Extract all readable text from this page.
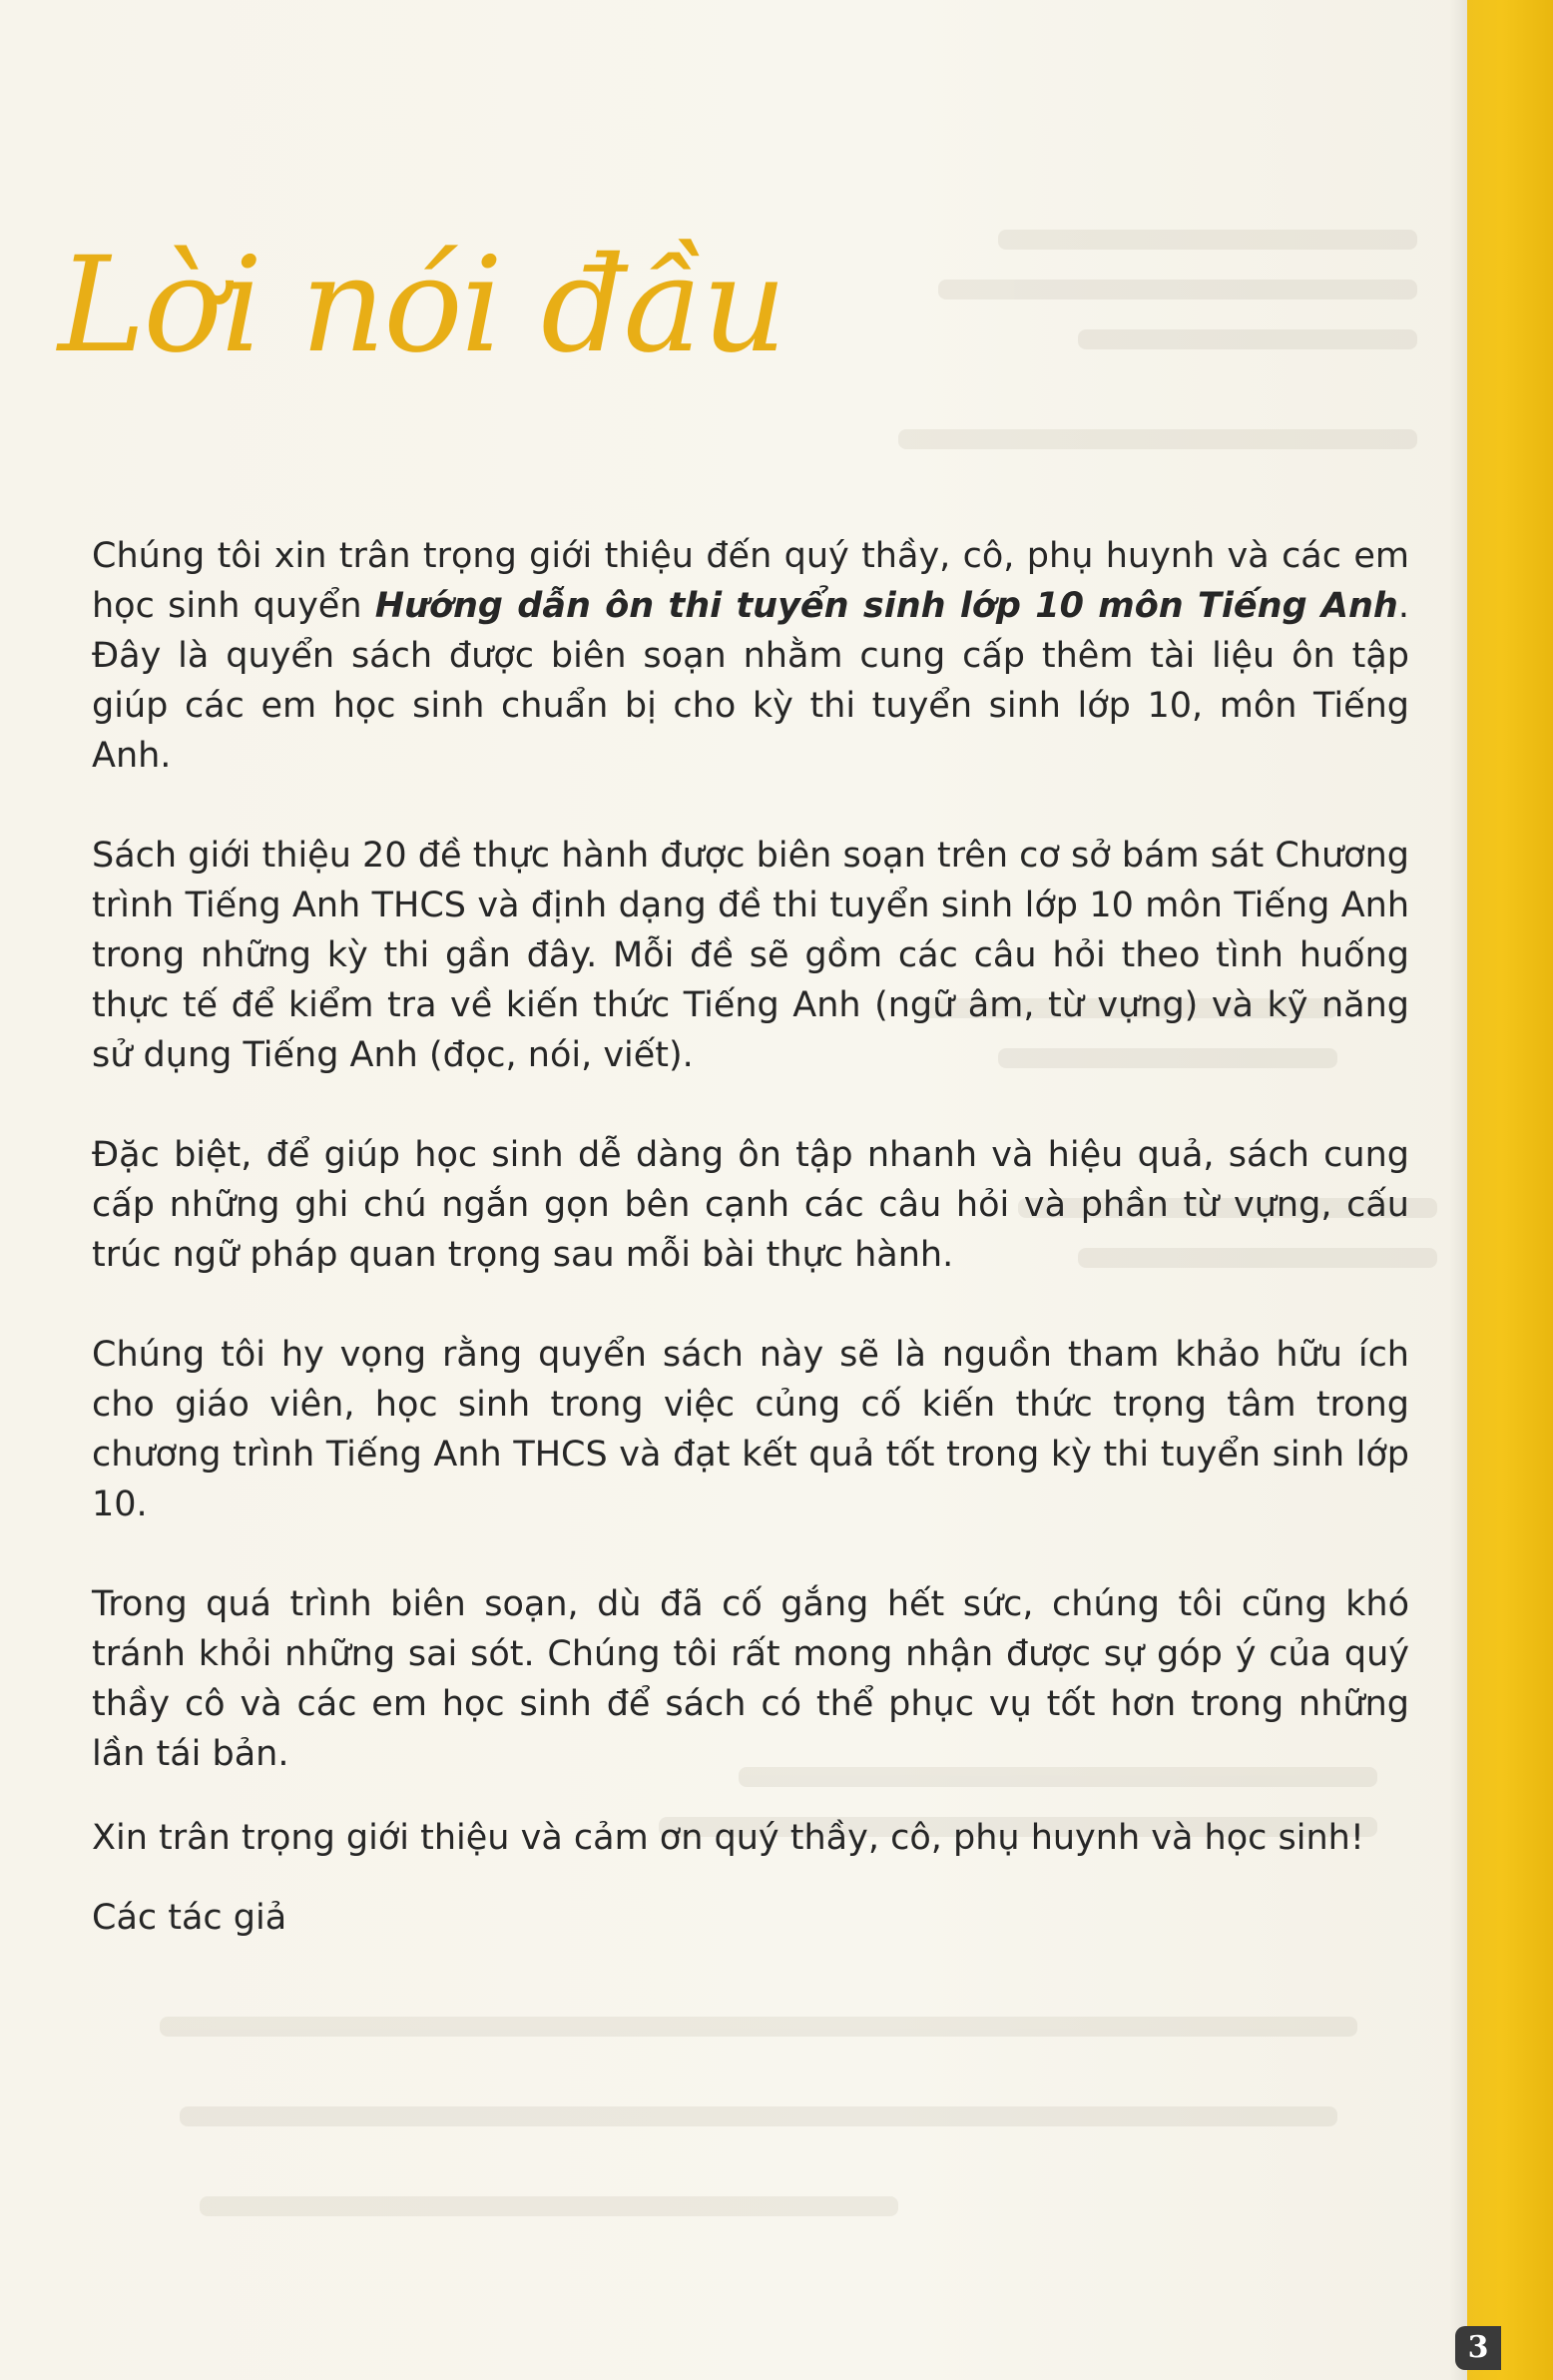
Lời nói đầu

Chúng tôi xin trân trọng giới thiệu đến quý thầy, cô, phụ huynh và các em học sinh quyển Hướng dẫn ôn thi tuyển sinh lớp 10 môn Tiếng Anh. Đây là quyển sách được biên soạn nhằm cung cấp thêm tài liệu ôn tập giúp các em học sinh chuẩn bị cho kỳ thi tuyển sinh lớp 10, môn Tiếng Anh.

Sách giới thiệu 20 đề thực hành được biên soạn trên cơ sở bám sát Chương trình Tiếng Anh THCS và định dạng đề thi tuyển sinh lớp 10 môn Tiếng Anh trong những kỳ thi gần đây. Mỗi đề sẽ gồm các câu hỏi theo tình huống thực tế để kiểm tra về kiến thức Tiếng Anh (ngữ âm, từ vựng) và kỹ năng sử dụng Tiếng Anh (đọc, nói, viết).

Đặc biệt, để giúp học sinh dễ dàng ôn tập nhanh và hiệu quả, sách cung cấp những ghi chú ngắn gọn bên cạnh các câu hỏi và phần từ vựng, cấu trúc ngữ pháp quan trọng sau mỗi bài thực hành.

Chúng tôi hy vọng rằng quyển sách này sẽ là nguồn tham khảo hữu ích cho giáo viên, học sinh trong việc củng cố kiến thức trọng tâm trong chương trình Tiếng Anh THCS và đạt kết quả tốt trong kỳ thi tuyển sinh lớp 10.

Trong quá trình biên soạn, dù đã cố gắng hết sức, chúng tôi cũng khó tránh khỏi những sai sót. Chúng tôi rất mong nhận được sự góp ý của quý thầy cô và các em học sinh để sách có thể phục vụ tốt hơn trong những lần tái bản.

Xin trân trọng giới thiệu và cảm ơn quý thầy, cô, phụ huynh và học sinh!

Các tác giả

3
